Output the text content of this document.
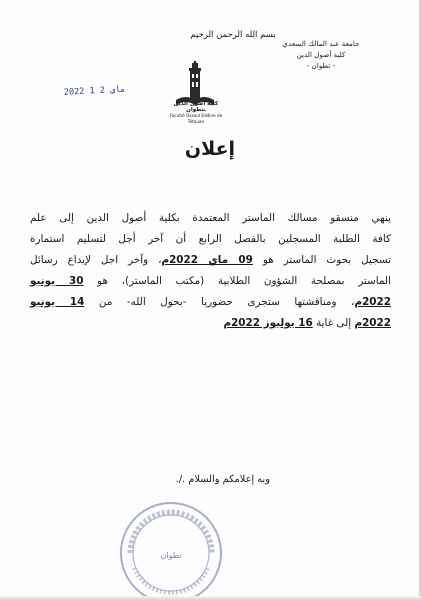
بسم الله الرحمن الرحيم
جامعة عبد المالك السعدي
كلية أصول الدين
- تطوان -
كلية أصول الدين بتطوان
Faculté Ossoul Eddine de Tétouan
2022 ماي 2 1
إعلان
ينهي منسقو مسالك الماستر المعتمدة بكلية أصول الدين إلى علم
كافة الطلبة المسجلين بالفصل الرابع أن آخر أجل لتسليم استمارة
تسجيل بحوث الماستر هو 09 ماي 2022م، وآخر اجل لإيداع رسائل
الماستر بمصلحة الشؤون الطلابية (مكتب الماستر)، هو 30 يونيو
2022م، ومناقشتها ستجرى حضوريا -بحول الله- من 14 يونيو
2022م إلى غاية 16 يوليوز 2022م
وبه إعلامكم والسلام ./.
تطوان
